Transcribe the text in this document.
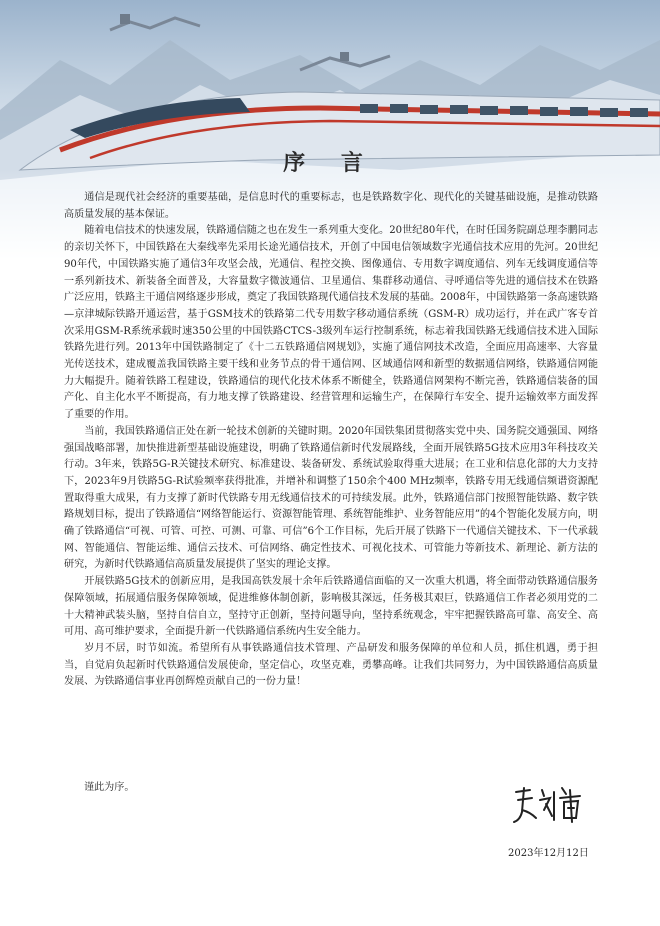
序 言

通信是现代社会经济的重要基础，是信息时代的重要标志，也是铁路数字化、现代化的关键基础设施，是推动铁路高质量发展的基本保证。

随着电信技术的快速发展，铁路通信随之也在发生一系列重大变化。20世纪80年代，在时任国务院副总理李鹏同志的亲切关怀下，中国铁路在大秦线率先采用长途光通信技术，开创了中国电信领域数字光通信技术应用的先河。20世纪90年代，中国铁路实施了通信3年攻坚会战，光通信、程控交换、图像通信、专用数字调度通信、列车无线调度通信等一系列新技术、新装备全面普及，大容量数字微波通信、卫星通信、集群移动通信、寻呼通信等先进的通信技术在铁路广泛应用，铁路主干通信网络逐步形成，奠定了我国铁路现代通信技术发展的基础。2008年，中国铁路第一条高速铁路—京津城际铁路开通运营，基于GSM技术的铁路第二代专用数字移动通信系统（GSM-R）成功运行，并在武广客专首次采用GSM-R系统承载时速350公里的中国铁路CTCS-3级列车运行控制系统，标志着我国铁路无线通信技术进入国际铁路先进行列。2013年中国铁路制定了《十二五铁路通信网规划》，实施了通信网技术改造，全面应用高速率、大容量光传送技术，建成覆盖我国铁路主要干线和业务节点的骨干通信网、区域通信网和新型的数据通信网络，铁路通信网能力大幅提升。随着铁路工程建设，铁路通信的现代化技术体系不断健全，铁路通信网架构不断完善，铁路通信装备的国产化、自主化水平不断提高，有力地支撑了铁路建设、经营管理和运输生产，在保障行车安全、提升运输效率方面发挥了重要的作用。

当前，我国铁路通信正处在新一轮技术创新的关键时期。2020年国铁集团贯彻落实党中央、国务院交通强国、网络强国战略部署，加快推进新型基础设施建设，明确了铁路通信新时代发展路线，全面开展铁路5G技术应用3年科技攻关行动。3年来，铁路5G-R关键技术研究、标准建设、装备研发、系统试验取得重大进展；在工业和信息化部的大力支持下，2023年9月铁路5G-R试验频率获得批准，并增补和调整了150余个400 MHz频率，铁路专用无线通信频谱资源配置取得重大成果，有力支撑了新时代铁路专用无线通信技术的可持续发展。此外，铁路通信部门按照智能铁路、数字铁路规划目标，提出了铁路通信“网络智能运行、资源智能管理、系统智能维护、业务智能应用”的4个智能化发展方向，明确了铁路通信“可视、可管、可控、可测、可靠、可信”6个工作目标，先后开展了铁路下一代通信关键技术、下一代承载网、智能通信、智能运维、通信云技术、可信网络、确定性技术、可视化技术、可管能力等新技术、新理论、新方法的研究，为新时代铁路通信高质量发展提供了坚实的理论支撑。

开展铁路5G技术的创新应用，是我国高铁发展十余年后铁路通信面临的又一次重大机遇，将全面带动铁路通信服务保障领域，拓展通信服务保障领域，促进维修体制创新，影响极其深远，任务极其艰巨，铁路通信工作者必须用党的二十大精神武装头脑，坚持自信自立，坚持守正创新，坚持问题导向，坚持系统观念，牢牢把握铁路高可靠、高安全、高可用、高可维护要求，全面提升新一代铁路通信系统内生安全能力。

岁月不居，时节如流。希望所有从事铁路通信技术管理、产品研发和服务保障的单位和人员，抓住机遇，勇于担当，自觉肩负起新时代铁路通信发展使命，坚定信心，攻坚克难，勇攀高峰。让我们共同努力，为中国铁路通信高质量发展、为铁路通信事业再创辉煌贡献自己的一份力量！

谨此为序。
2023年12月12日
